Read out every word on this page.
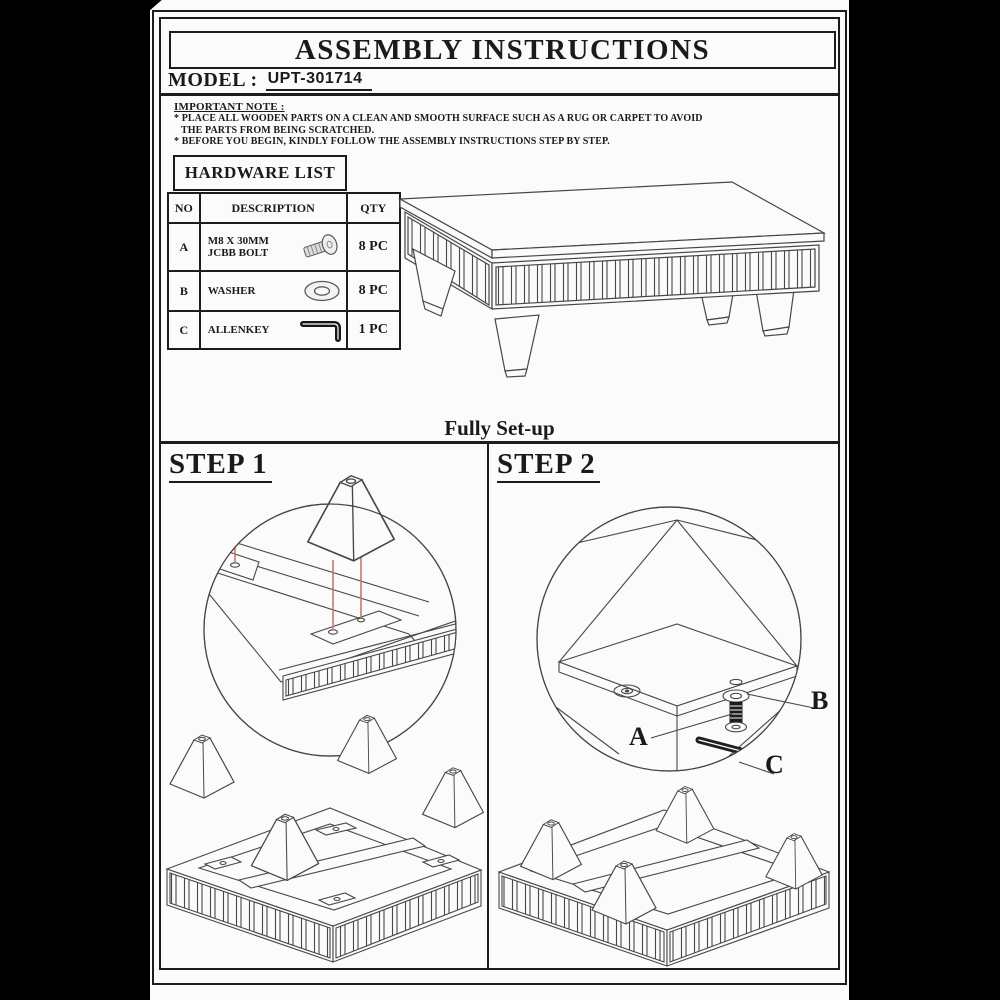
ASSEMBLY INSTRUCTIONS
MODEL : UPT-301714
IMPORTANT NOTE :
* PLACE ALL WOODEN PARTS ON A CLEAN AND SMOOTH SURFACE SUCH AS A RUG OR CARPET TO AVOID
THE PARTS FROM BEING SCRATCHED.
* BEFORE YOU BEGIN, KINDLY FOLLOW THE ASSEMBLY INSTRUCTIONS STEP BY STEP.
HARDWARE LIST
NO	DESCRIPTION	QTY
A	M8 X 30MM JCBB BOLT	8 PC
B	WASHER	8 PC
C	ALLENKEY	1 PC
Fully Set-up
STEP 1	STEP 2
A
B
C
